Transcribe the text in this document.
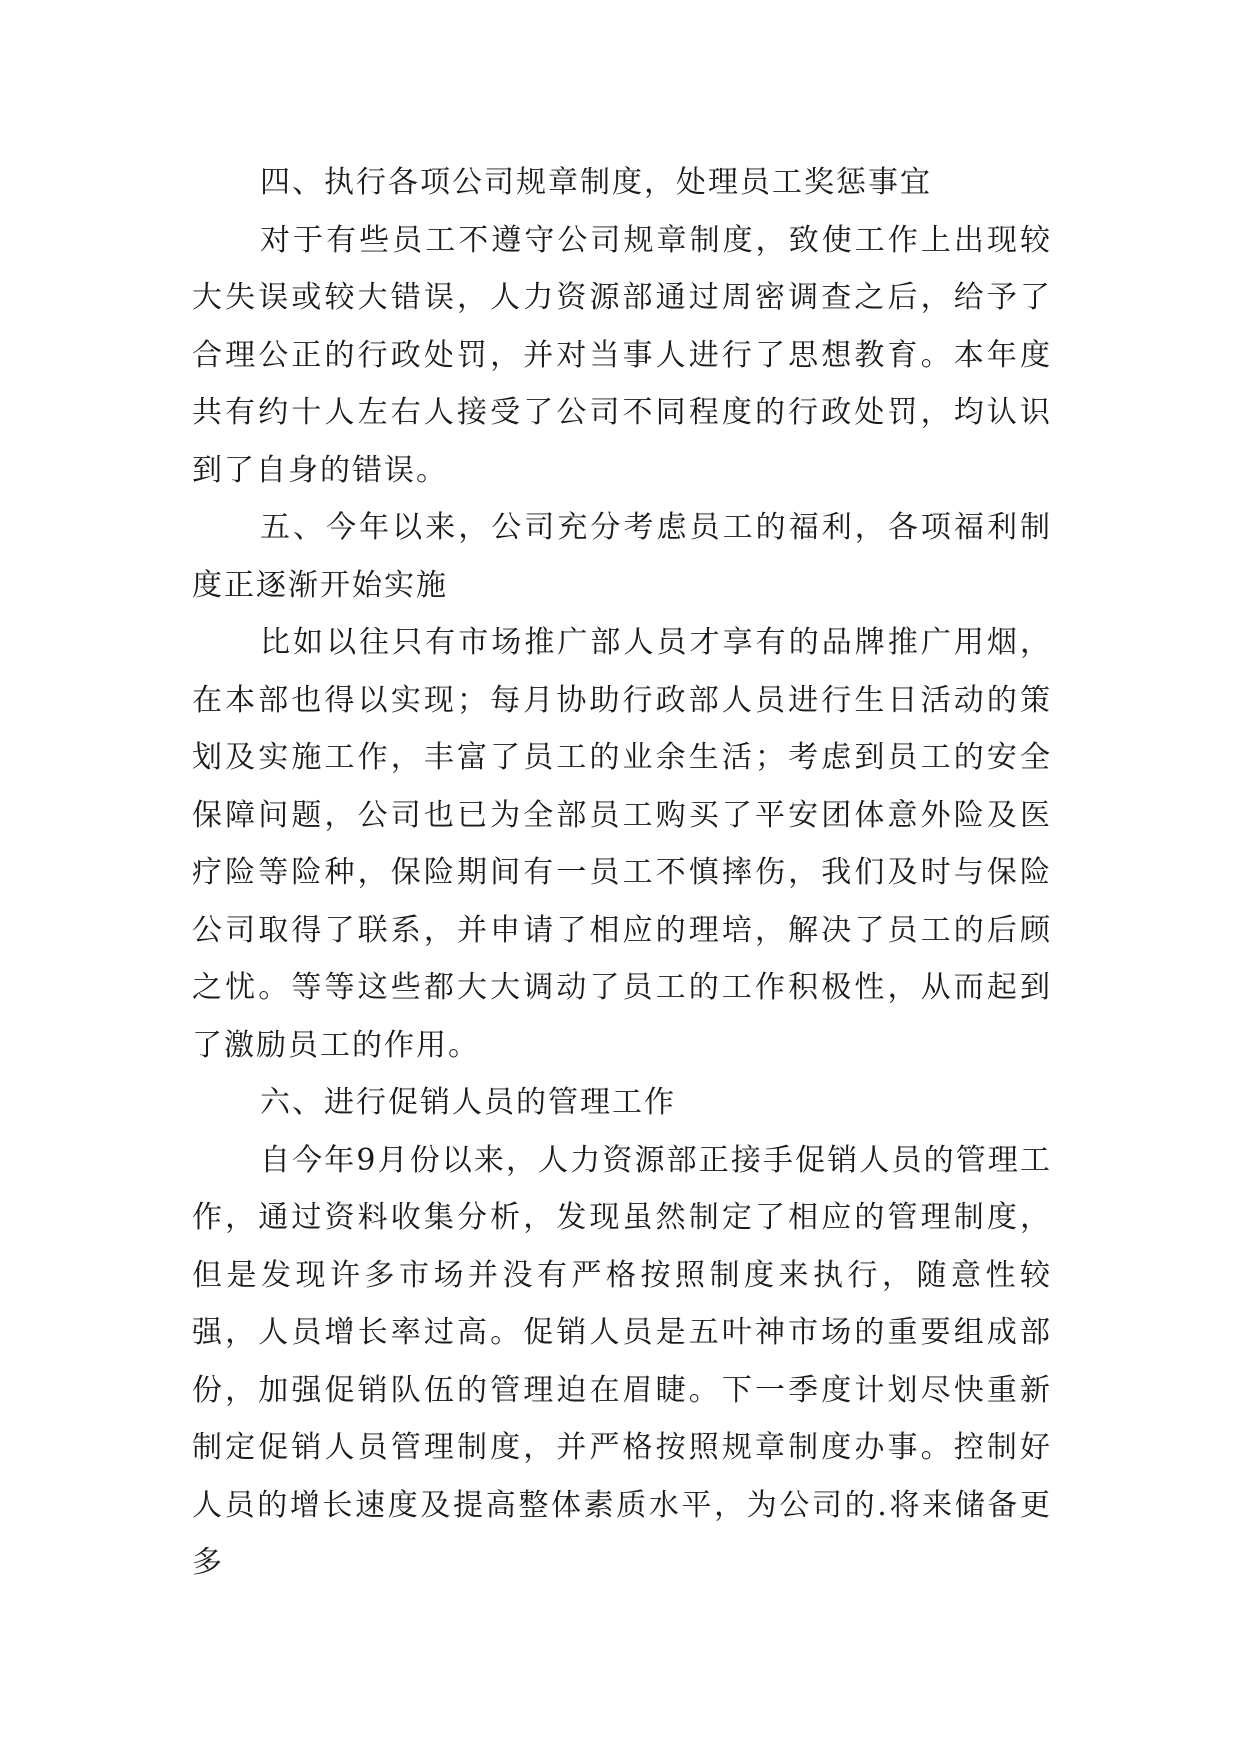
四、执行各项公司规章制度，处理员工奖惩事宜

对于有些员工不遵守公司规章制度，致使工作上出现较大失误或较大错误，人力资源部通过周密调查之后，给予了合理公正的行政处罚，并对当事人进行了思想教育。本年度共有约十人左右人接受了公司不同程度的行政处罚，均认识到了自身的错误。

五、今年以来，公司充分考虑员工的福利，各项福利制度正逐渐开始实施

比如以往只有市场推广部人员才享有的品牌推广用烟，在本部也得以实现；每月协助行政部人员进行生日活动的策划及实施工作，丰富了员工的业余生活；考虑到员工的安全保障问题，公司也已为全部员工购买了平安团体意外险及医疗险等险种，保险期间有一员工不慎摔伤，我们及时与保险公司取得了联系，并申请了相应的理培，解决了员工的后顾之忧。等等这些都大大调动了员工的工作积极性，从而起到了激励员工的作用。

六、进行促销人员的管理工作

自今年9月份以来，人力资源部正接手促销人员的管理工作，通过资料收集分析，发现虽然制定了相应的管理制度，但是发现许多市场并没有严格按照制度来执行，随意性较强，人员增长率过高。促销人员是五叶神市场的重要组成部份，加强促销队伍的管理迫在眉睫。下一季度计划尽快重新制定促销人员管理制度，并严格按照规章制度办事。控制好人员的增长速度及提高整体素质水平，为公司的.将来储备更多
